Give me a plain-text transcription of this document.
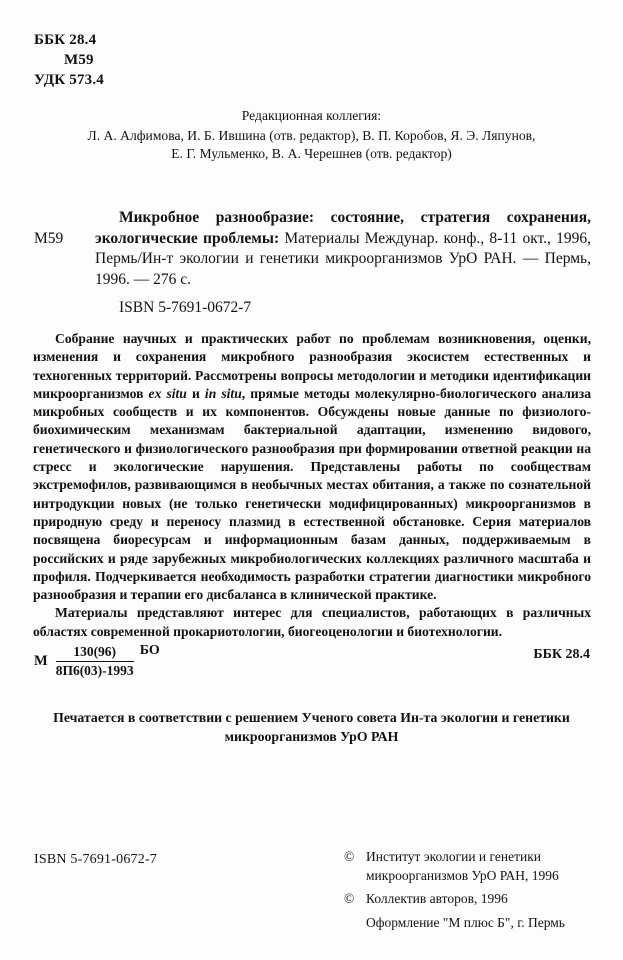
ББК 28.4
М59
УДК 573.4
Редакционная коллегия:
Л. А. Алфимова, И. Б. Ившина (отв. редактор), В. П. Коробов, Я. Э. Ляпунов,
Е. Г. Мульменко, В. А. Черешнев (отв. редактор)
М59

Микробное разнообразие: состояние, стратегия сохранения, экологические проблемы: Материалы Междунар. конф., 8-11 окт., 1996, Пермь/Ин-т экологии и генетики микроорганизмов УрО РАН. — Пермь, 1996. — 276 с.

ISBN 5-7691-0672-7

Собрание научных и практических работ по проблемам возникновения, оценки, изменения и сохранения микробного разнообразия экосистем естественных и техногенных территорий. Рассмотрены вопросы методологии и методики идентификации микроорганизмов ex situ и in situ, прямые методы молекулярно-биологического анализа микробных сообществ и их компонентов. Обсуждены новые данные по физиолого-биохимическим механизмам бактериальной адаптации, изменению видового, генетического и физиологического разнообразия при формировании ответной реакции на стресс и экологические нарушения. Представлены работы по сообществам экстремофилов, развивающимся в необычных местах обитания, а также по сознательной интродукции новых (не только генетически модифицированных) микроорганизмов в природную среду и переносу плазмид в естественной обстановке. Серия материалов посвящена биоресурсам и информационным базам данных, поддерживаемым в российских и ряде зарубежных микробиологических коллекциях различного масштаба и профиля. Подчеркивается необходимость разработки стратегии диагностики микробного разнообразия и терапии его дисбаланса в клинической практике.

Материалы представляют интерес для специалистов, работающих в различных областях современной прокариотологии, биогеоценологии и биотехнологии.

М $\frac{130(96)}{8П6(03)-1993}$ БО	ББК 28.4
Печатается в соответствии с решением Ученого совета Ин-та экологии и генетики микроорганизмов УрО РАН
ISBN 5-7691-0672-7	© Институт экологии и генетики микроорганизмов УрО РАН, 1996
© Коллектив авторов, 1996
Оформление "М плюс Б", г. Пермь
